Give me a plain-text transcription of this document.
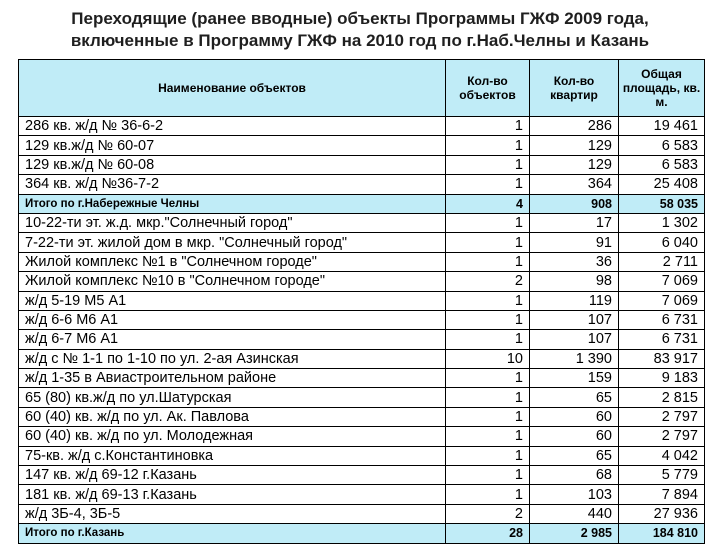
Переходящие (ранее вводные) объекты Программы ГЖФ 2009 года,
включенные в Программу ГЖФ на 2010 год по г.Наб.Челны и Казань
Наименование объектов	Кол-во объектов	Кол-во квартир	Общая площадь, кв. м.
286 кв. ж/д № 36-6-2	1	286	19 461
129 кв.ж/д № 60-07	1	129	6 583
129 кв.ж/д № 60-08	1	129	6 583
364 кв. ж/д №36-7-2	1	364	25 408
Итого по г.Набережные Челны	4	908	58 035
10-22-ти эт. ж.д. мкр."Солнечный город"	1	17	1 302
7-22-ти эт. жилой дом в мкр. "Солнечный город"	1	91	6 040
Жилой комплекс №1 в "Солнечном городе"	1	36	2 711
Жилой комплекс №10 в "Солнечном городе"	2	98	7 069
ж/д 5-19 М5 А1	1	119	7 069
ж/д 6-6 М6 А1	1	107	6 731
ж/д 6-7 М6 А1	1	107	6 731
ж/д с № 1-1 по 1-10 по ул. 2-ая Азинская	10	1 390	83 917
ж/д 1-35 в Авиастроительном районе	1	159	9 183
65 (80) кв.ж/д по ул.Шатурская	1	65	2 815
60 (40) кв. ж/д по ул. Ак. Павлова	1	60	2 797
60 (40) кв. ж/д по ул. Молодежная	1	60	2 797
75-кв. ж/д с.Константиновка	1	65	4 042
147 кв. ж/д 69-12 г.Казань	1	68	5 779
181 кв. ж/д 69-13 г.Казань	1	103	7 894
ж/д 3Б-4, 3Б-5	2	440	27 936
Итого по г.Казань	28	2 985	184 810
